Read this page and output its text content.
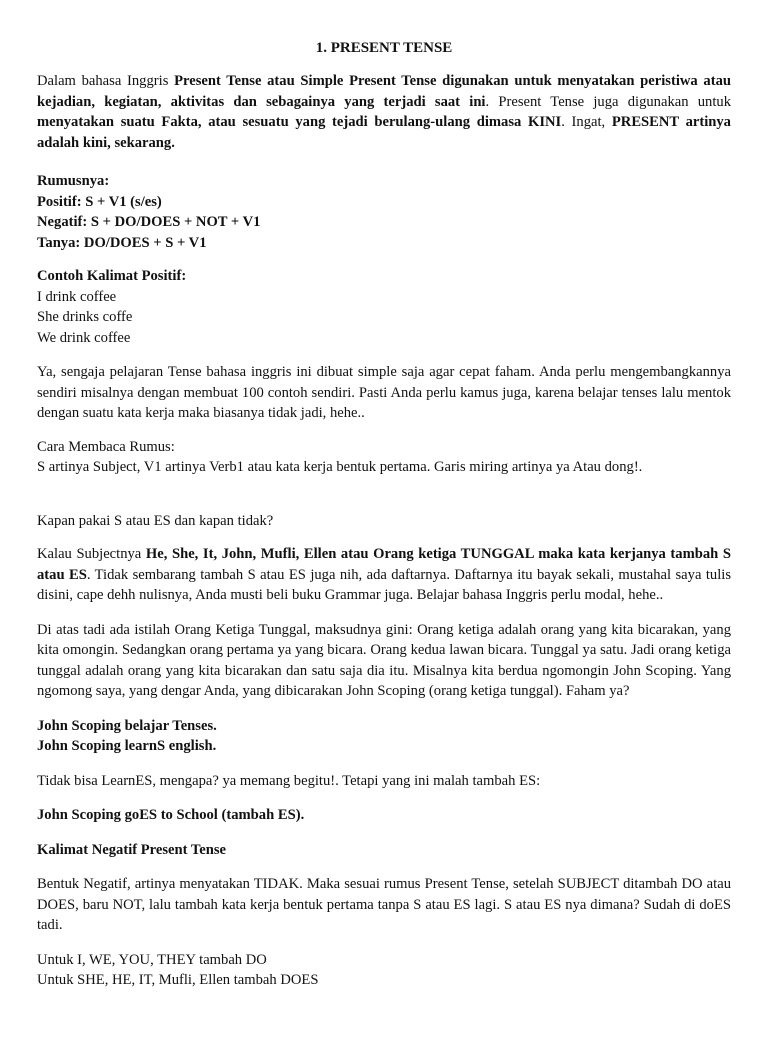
1. PRESENT TENSE

Dalam bahasa Inggris Present Tense atau Simple Present Tense digunakan untuk menyatakan peristiwa atau kejadian, kegiatan, aktivitas dan sebagainya yang terjadi saat ini. Present Tense juga digunakan untuk menyatakan suatu Fakta, atau sesuatu yang tejadi berulang-ulang dimasa KINI. Ingat, PRESENT artinya adalah kini, sekarang.

Rumusnya:
Positif: S + V1 (s/es)
Negatif: S + DO/DOES + NOT + V1
Tanya: DO/DOES + S + V1
Contoh Kalimat Positif:
I drink coffee
She drinks coffe
We drink coffee

Ya, sengaja pelajaran Tense bahasa inggris ini dibuat simple saja agar cepat faham. Anda perlu mengembangkannya sendiri misalnya dengan membuat 100 contoh sendiri. Pasti Anda perlu kamus juga, karena belajar tenses lalu mentok dengan suatu kata kerja maka biasanya tidak jadi, hehe..

Cara Membaca Rumus:
S artinya Subject, V1 artinya Verb1 atau kata kerja bentuk pertama. Garis miring artinya ya Atau dong!.

Kapan pakai S atau ES dan kapan tidak?

Kalau Subjectnya He, She, It, John, Mufli, Ellen atau Orang ketiga TUNGGAL maka kata kerjanya tambah S atau ES. Tidak sembarang tambah S atau ES juga nih, ada daftarnya. Daftarnya itu bayak sekali, mustahal saya tulis disini, cape dehh nulisnya, Anda musti beli buku Grammar juga. Belajar bahasa Inggris perlu modal, hehe..

Di atas tadi ada istilah Orang Ketiga Tunggal, maksudnya gini: Orang ketiga adalah orang yang kita bicarakan, yang kita omongin. Sedangkan orang pertama ya yang bicara. Orang kedua lawan bicara. Tunggal ya satu. Jadi orang ketiga tunggal adalah orang yang kita bicarakan dan satu saja dia itu. Misalnya kita berdua ngomongin John Scoping. Yang ngomong saya, yang dengar Anda, yang dibicarakan John Scoping (orang ketiga tunggal). Faham ya?

John Scoping belajar Tenses.
John Scoping learnS english.

Tidak bisa LearnES, mengapa? ya memang begitu!. Tetapi yang ini malah tambah ES:

John Scoping goES to School (tambah ES).
Kalimat Negatif Present Tense

Bentuk Negatif, artinya menyatakan TIDAK. Maka sesuai rumus Present Tense, setelah SUBJECT ditambah DO atau DOES, baru NOT, lalu tambah kata kerja bentuk pertama tanpa S atau ES lagi. S atau ES nya dimana? Sudah di doES tadi.

Untuk I, WE, YOU, THEY tambah DO
Untuk SHE, HE, IT, Mufli, Ellen tambah DOES
